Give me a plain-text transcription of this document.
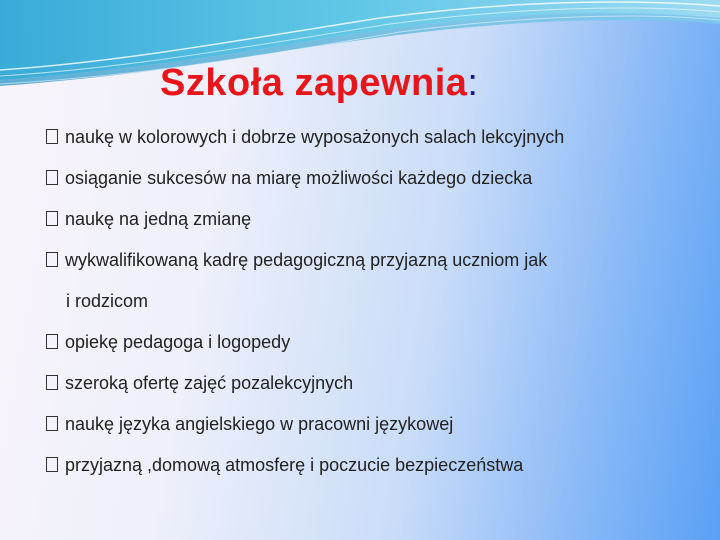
Szkoła zapewnia:
naukę w kolorowych i dobrze wyposażonych salach lekcyjnych
osiąganie sukcesów na miarę możliwości każdego dziecka
naukę na jedną zmianę
wykwalifikowaną kadrę pedagogiczną przyjazną uczniom jak
i rodzicom
opiekę pedagoga i logopedy
szeroką ofertę zajęć pozalekcyjnych
naukę języka angielskiego w pracowni językowej
przyjazną ,domową atmosferę i poczucie bezpieczeństwa
